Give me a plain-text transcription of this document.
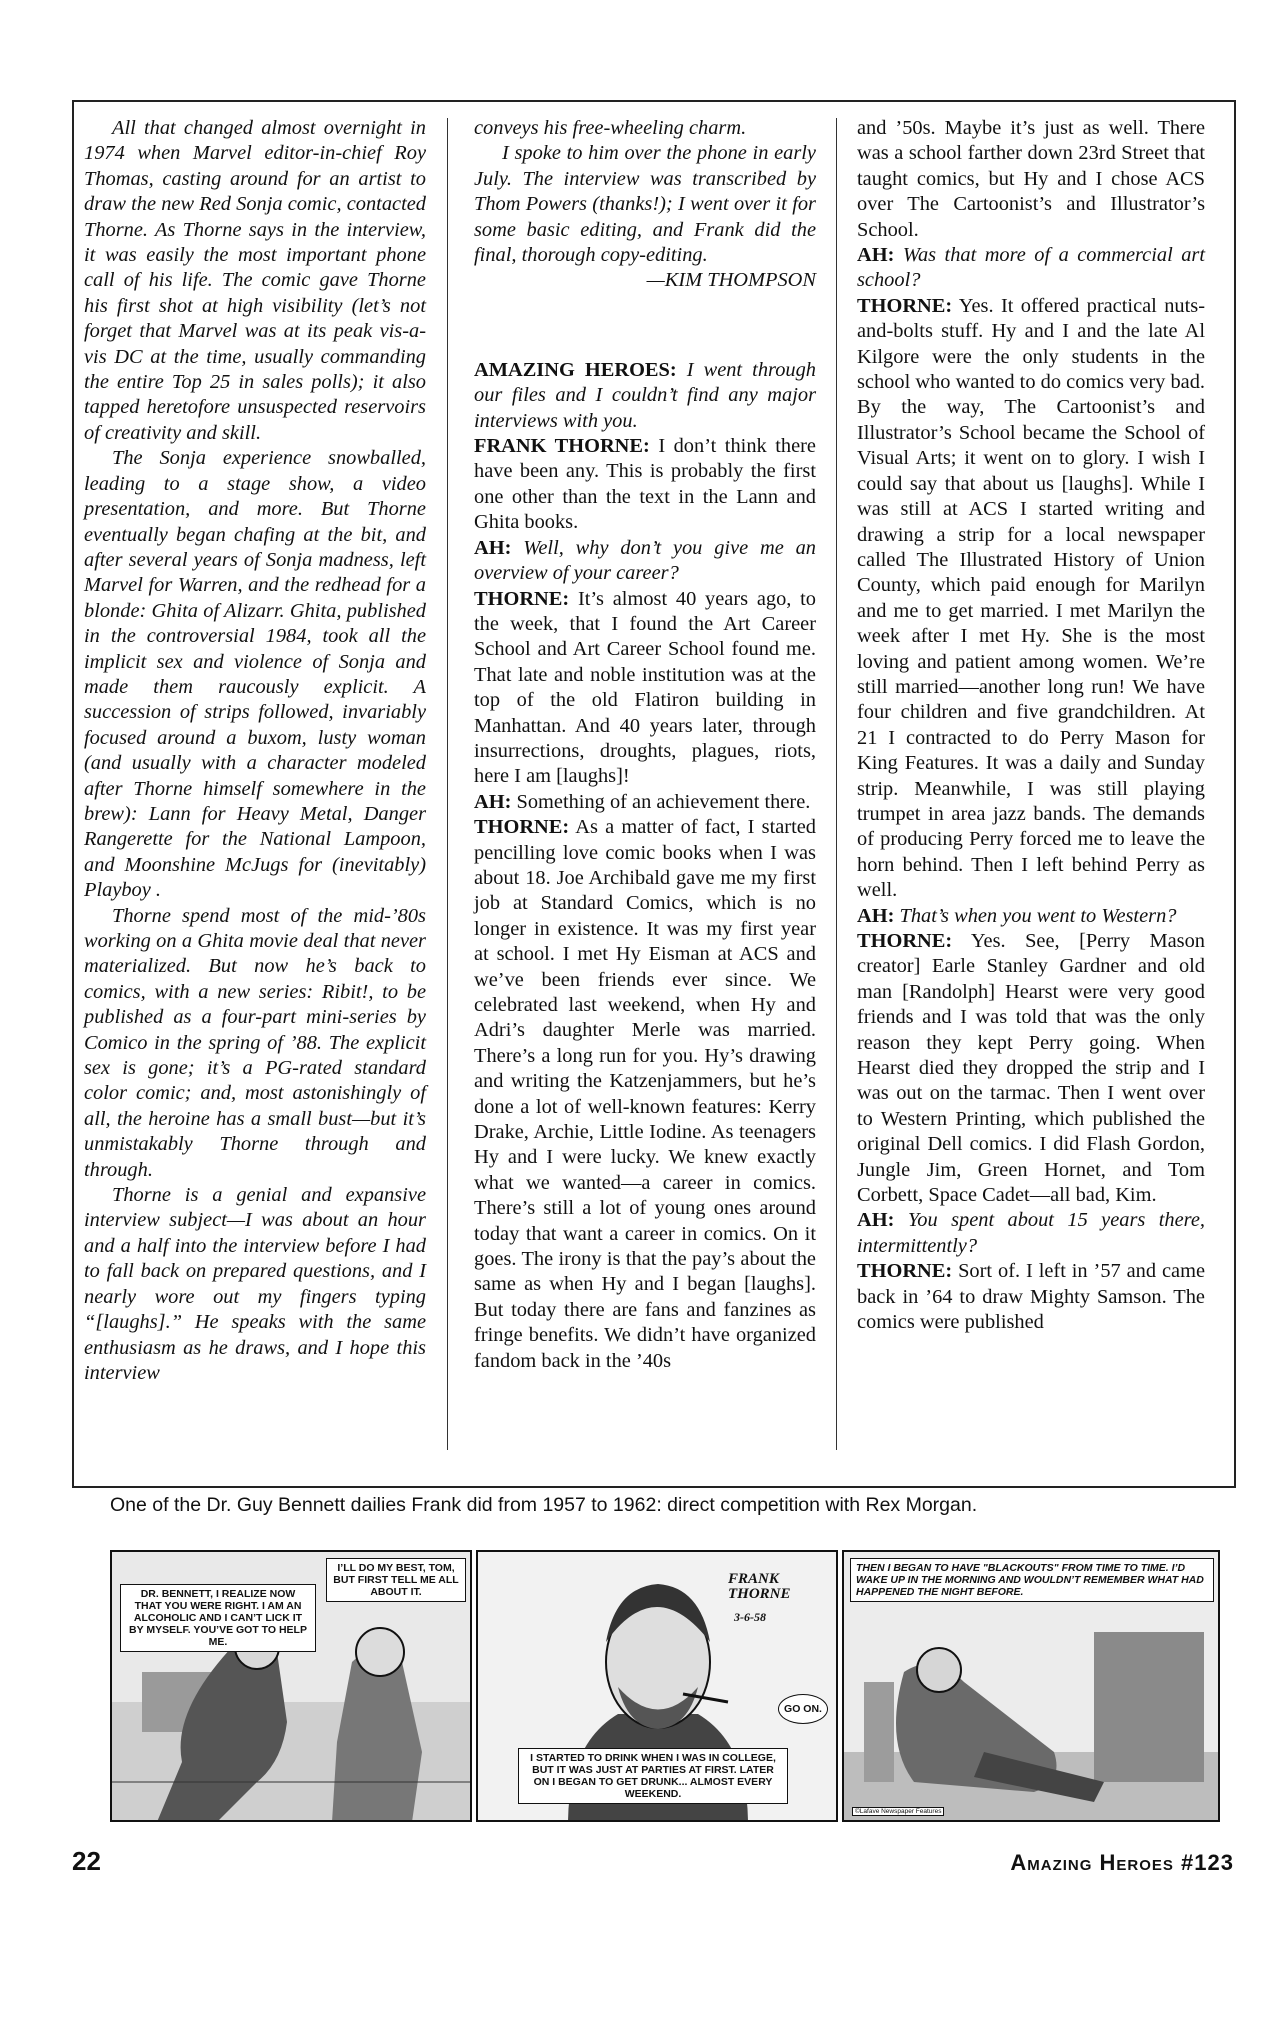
All that changed almost overnight in 1974 when Marvel editor-in-chief Roy Thomas, casting around for an artist to draw the new Red Sonja comic, contacted Thorne. As Thorne says in the interview, it was easily the most important phone call of his life. The comic gave Thorne his first shot at high visibility (let’s not forget that Marvel was at its peak vis-a-vis DC at the time, usually commanding the entire Top 25 in sales polls); it also tapped heretofore unsuspected reservoirs of creativity and skill.

The Sonja experience snowballed, leading to a stage show, a video presentation, and more. But Thorne eventually began chafing at the bit, and after several years of Sonja madness, left Marvel for Warren, and the redhead for a blonde: Ghita of Alizarr. Ghita, published in the controversial 1984, took all the implicit sex and violence of Sonja and made them raucously explicit. A succession of strips followed, invariably focused around a buxom, lusty woman (and usually with a character modeled after Thorne himself somewhere in the brew): Lann for Heavy Metal, Danger Rangerette for the National Lampoon, and Moonshine McJugs for (inevitably) Playboy .

Thorne spend most of the mid-’80s working on a Ghita movie deal that never materialized. But now he’s back to comics, with a new series: Ribit!, to be published as a four-part mini-series by Comico in the spring of ’88. The explicit sex is gone; it’s a PG-rated standard color comic; and, most astonishingly of all, the heroine has a small bust—but it’s unmistakably Thorne through and through.

Thorne is a genial and expansive interview subject—I was about an hour and a half into the interview before I had to fall back on prepared questions, and I nearly wore out my fingers typing “[laughs].” He speaks with the same enthusiasm as he draws, and I hope this interview

conveys his free-wheeling charm.

I spoke to him over the phone in early July. The interview was transcribed by Thom Powers (thanks!); I went over it for some basic editing, and Frank did the final, thorough copy-editing.

—KIM THOMPSON

AMAZING HEROES: I went through our files and I couldn’t find any major interviews with you.

FRANK THORNE: I don’t think there have been any. This is probably the first one other than the text in the Lann and Ghita books.

AH: Well, why don’t you give me an overview of your career?

THORNE: It’s almost 40 years ago, to the week, that I found the Art Career School and Art Career School found me. That late and noble institution was at the top of the old Flatiron building in Manhattan. And 40 years later, through insurrections, droughts, plagues, riots, here I am [laughs]!

AH: Something of an achievement there.

THORNE: As a matter of fact, I started pencilling love comic books when I was about 18. Joe Archibald gave me my first job at Standard Comics, which is no longer in existence. It was my first year at school. I met Hy Eisman at ACS and we’ve been friends ever since. We celebrated last weekend, when Hy and Adri’s daughter Merle was married. There’s a long run for you. Hy’s drawing and writing the Katzenjammers, but he’s done a lot of well-known features: Kerry Drake, Archie, Little Iodine. As teenagers Hy and I were lucky. We knew exactly what we wanted—a career in comics. There’s still a lot of young ones around today that want a career in comics. On it goes. The irony is that the pay’s about the same as when Hy and I began [laughs]. But today there are fans and fanzines as fringe benefits. We didn’t have organized fandom back in the ’40s

and ’50s. Maybe it’s just as well. There was a school farther down 23rd Street that taught comics, but Hy and I chose ACS over The Cartoonist’s and Illustrator’s School.

AH: Was that more of a commercial art school?

THORNE: Yes. It offered practical nuts-and-bolts stuff. Hy and I and the late Al Kilgore were the only students in the school who wanted to do comics very bad. By the way, The Cartoonist’s and Illustrator’s School became the School of Visual Arts; it went on to glory. I wish I could say that about us [laughs]. While I was still at ACS I started writing and drawing a strip for a local newspaper called The Illustrated History of Union County, which paid enough for Marilyn and me to get married. I met Marilyn the week after I met Hy. She is the most loving and patient among women. We’re still married—another long run! We have four children and five grandchildren. At 21 I contracted to do Perry Mason for King Features. It was a daily and Sunday strip. Meanwhile, I was still playing trumpet in area jazz bands. The demands of producing Perry forced me to leave the horn behind. Then I left behind Perry as well.

AH: That’s when you went to Western?

THORNE: Yes. See, [Perry Mason creator] Earle Stanley Gardner and old man [Randolph] Hearst were very good friends and I was told that was the only reason they kept Perry going. When Hearst died they dropped the strip and I was out on the tarmac. Then I went over to Western Printing, which published the original Dell comics. I did Flash Gordon, Jungle Jim, Green Hornet, and Tom Corbett, Space Cadet—all bad, Kim.

AH: You spent about 15 years there, intermittently?

THORNE: Sort of. I left in ’57 and came back in ’64 to draw Mighty Samson. The comics were published

One of the Dr. Guy Bennett dailies Frank did from 1957 to 1962: direct competition with Rex Morgan.
DR. BENNETT, I REALIZE NOW THAT YOU WERE RIGHT. I AM AN ALCOHOLIC AND I CAN’T LICK IT BY MYSELF. YOU’VE GOT TO HELP ME.
I’LL DO MY BEST, TOM, BUT FIRST TELL ME ALL ABOUT IT.
FRANK THORNE
3-6-58
GO ON.
I STARTED TO DRINK WHEN I WAS IN COLLEGE, BUT IT WAS JUST AT PARTIES AT FIRST. LATER ON I BEGAN TO GET DRUNK... ALMOST EVERY WEEKEND.
THEN I BEGAN TO HAVE "BLACKOUTS" FROM TIME TO TIME. I’D WAKE UP IN THE MORNING AND WOULDN’T REMEMBER WHAT HAD HAPPENED THE NIGHT BEFORE.
©Lafave Newspaper Features
22	Amazing Heroes #123
